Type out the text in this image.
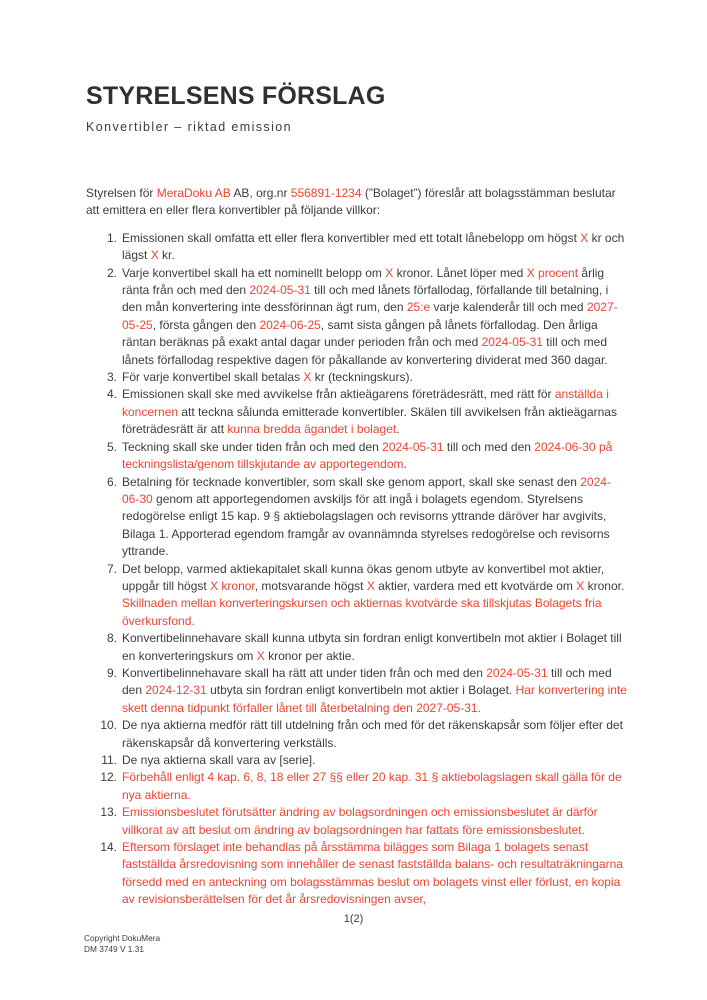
STYRELSENS FÖRSLAG
Konvertibler – riktad emission

Styrelsen för MeraDoku AB AB, org.nr 556891-1234 (”Bolaget”) föreslår att bolagsstämman beslutar att emittera en eller flera konvertibler på följande villkor:

1. Emissionen skall omfatta ett eller flera konvertibler med ett totalt lånebelopp om högst X kr och lägst X kr.
2. Varje konvertibel skall ha ett nominellt belopp om X kronor. Lånet löper med X procent årlig ränta från och med den 2024-05-31 till och med lånets förfallodag, förfallande till betalning, i den mån konvertering inte dessförinnan ägt rum, den 25:e varje kalenderår till och med 2027-05-25, första gången den 2024-06-25, samt sista gången på lånets förfallodag. Den årliga räntan beräknas på exakt antal dagar under perioden från och med 2024-05-31 till och med lånets förfallodag respektive dagen för påkallande av konvertering dividerat med 360 dagar.
3. För varje konvertibel skall betalas X kr (teckningskurs).
4. Emissionen skall ske med avvikelse från aktieägarens företrädesrätt, med rätt för anställda i koncernen att teckna sålunda emitterade konvertibler. Skälen till avvikelsen från aktieägarnas företrädesrätt är att kunna bredda ägandet i bolaget.
5. Teckning skall ske under tiden från och med den 2024-05-31 till och med den 2024-06-30 på teckningslista/genom tillskjutande av apportegendom.
6. Betalning för tecknade konvertibler, som skall ske genom apport, skall ske senast den 2024-06-30 genom att apportegendomen avskiljs för att ingå i bolagets egendom. Styrelsens redogörelse enligt 15 kap. 9 § aktiebolagslagen och revisorns yttrande däröver har avgivits, Bilaga 1. Apporterad egendom framgår av ovannämnda styrelses redogörelse och revisorns yttrande.
7. Det belopp, varmed aktiekapitalet skall kunna ökas genom utbyte av konvertibel mot aktier, uppgår till högst X kronor, motsvarande högst X aktier, vardera med ett kvotvärde om X kronor. Skillnaden mellan konverteringskursen och aktiernas kvotvärde ska tillskjutas Bolagets fria överkursfond.
8. Konvertibelinnehavare skall kunna utbyta sin fordran enligt konvertibeln mot aktier i Bolaget till en konverteringskurs om X kronor per aktie.
9. Konvertibelinnehavare skall ha rätt att under tiden från och med den 2024-05-31 till och med den 2024-12-31 utbyta sin fordran enligt konvertibeln mot aktier i Bolaget. Har konvertering inte skett denna tidpunkt förfaller lånet till återbetalning den 2027-05-31.
10. De nya aktierna medför rätt till utdelning från och med för det räkenskapsår som följer efter det räkenskapsår då konvertering verkställs.
11. De nya aktierna skall vara av [serie].
12. Förbehåll enligt 4 kap. 6, 8, 18 eller 27 §§ eller 20 kap. 31 § aktiebolagslagen skall gälla för de nya aktierna.
13. Emissionsbeslutet förutsätter ändring av bolagsordningen och emissionsbeslutet är därför villkorat av att beslut om ändring av bolagsordningen har fattats före emissionsbeslutet.
14. Eftersom förslaget inte behandlas på årsstämma bilägges som Bilaga 1 bolagets senast fastställda årsredovisning som innehåller de senast fastställda balans- och resultaträkningarna försedd med en anteckning om bolagsstämmas beslut om bolagets vinst eller förlust, en kopia av revisionsberättelsen för det år årsredovisningen avser,
1(2)
Copyright DokuMera
DM 3749 V 1.31
